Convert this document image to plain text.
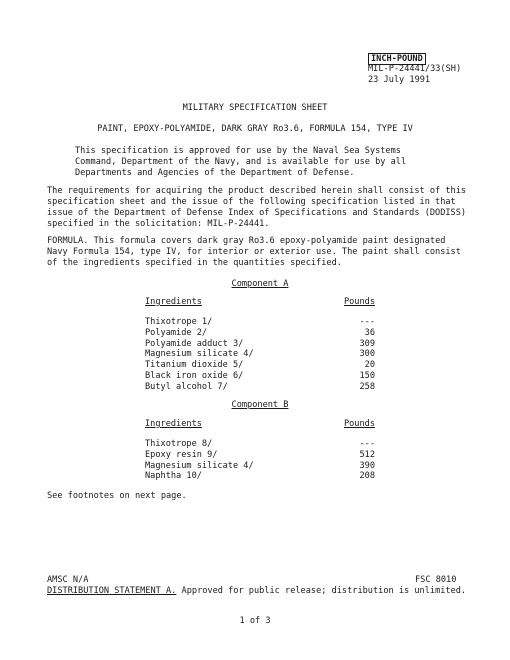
INCH-POUND
MIL-P-24441/33(SH)
23 July 1991
MILITARY SPECIFICATION SHEET
PAINT, EPOXY-POLYAMIDE, DARK GRAY Ro3.6, FORMULA 154, TYPE IV
This specification is approved for use by the Naval Sea Systems Command, Department of the Navy, and is available for use by all Departments and Agencies of the Department of Defense.
The requirements for acquiring the product described herein shall consist of this specification sheet and the issue of the following specification listed in that issue of the Department of Defense Index of Specifications and Standards (DODISS) specified in the solicitation: MIL-P-24441.
FORMULA. This formula covers dark gray Ro3.6 epoxy-polyamide paint designated Navy Formula 154, type IV, for interior or exterior use. The paint shall consist of the ingredients specified in the quantities specified.
Component A
Ingredients	Pounds
Thixotrope 1/	---
Polyamide 2/	36
Polyamide adduct 3/	309
Magnesium silicate 4/	300
Titanium dioxide 5/	20
Black iron oxide 6/	150
Butyl alcohol 7/	258
Component B
Ingredients	Pounds
Thixotrope 8/	---
Epoxy resin 9/	512
Magnesium silicate 4/	390
Naphtha 10/	208
See footnotes on next page.
AMSC N/A	FSC 8010
DISTRIBUTION STATEMENT A. Approved for public release; distribution is unlimited.
1 of 3
